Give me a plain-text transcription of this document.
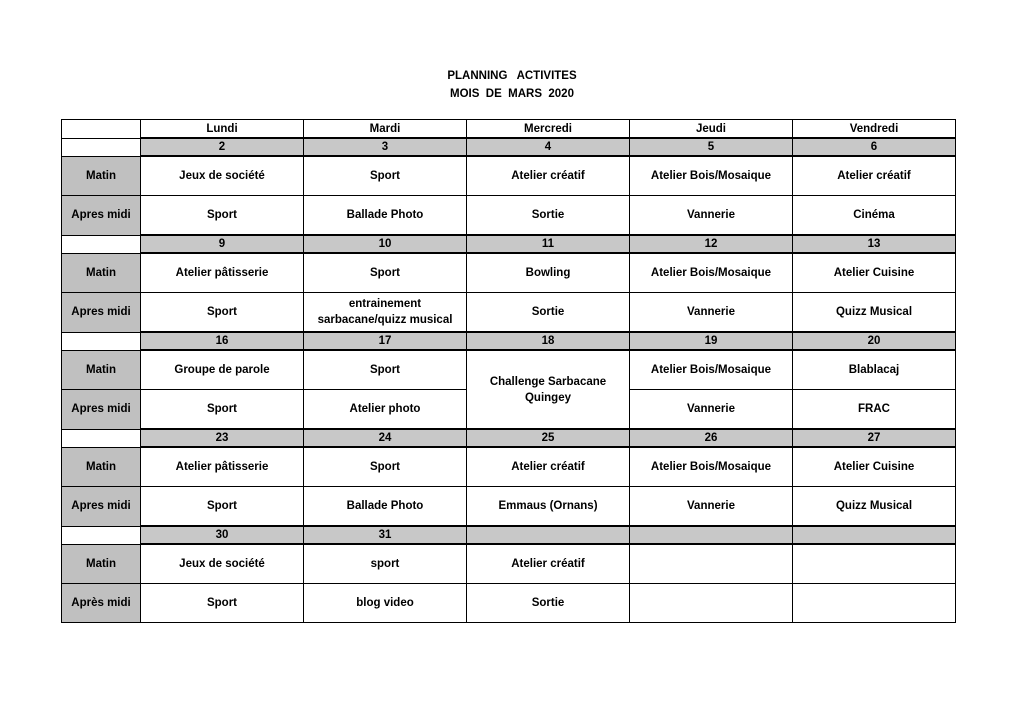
PLANNING   ACTIVITES
MOIS  DE  MARS  2020
	Lundi	Mardi	Mercredi	Jeudi	Vendredi
	2	3	4	5	6
Matin	Jeux de société	Sport	Atelier créatif	Atelier Bois/Mosaique	Atelier créatif
Apres midi	Sport	Ballade Photo	Sortie	Vannerie	Cinéma
	9	10	11	12	13
Matin	Atelier pâtisserie	Sport	Bowling	Atelier Bois/Mosaique	Atelier Cuisine
Apres midi	Sport	entrainement sarbacane/quizz musical	Sortie	Vannerie	Quizz Musical
	16	17	18	19	20
Matin	Groupe de parole	Sport	Challenge Sarbacane Quingey	Atelier Bois/Mosaique	Blablacaj
Apres midi	Sport	Atelier photo		Vannerie	FRAC
	23	24	25	26	27
Matin	Atelier pâtisserie	Sport	Atelier créatif	Atelier Bois/Mosaique	Atelier Cuisine
Apres midi	Sport	Ballade Photo	Emmaus (Ornans)	Vannerie	Quizz Musical
	30	31			
Matin	Jeux de société	sport	Atelier créatif		
Après midi	Sport	blog video	Sortie		
